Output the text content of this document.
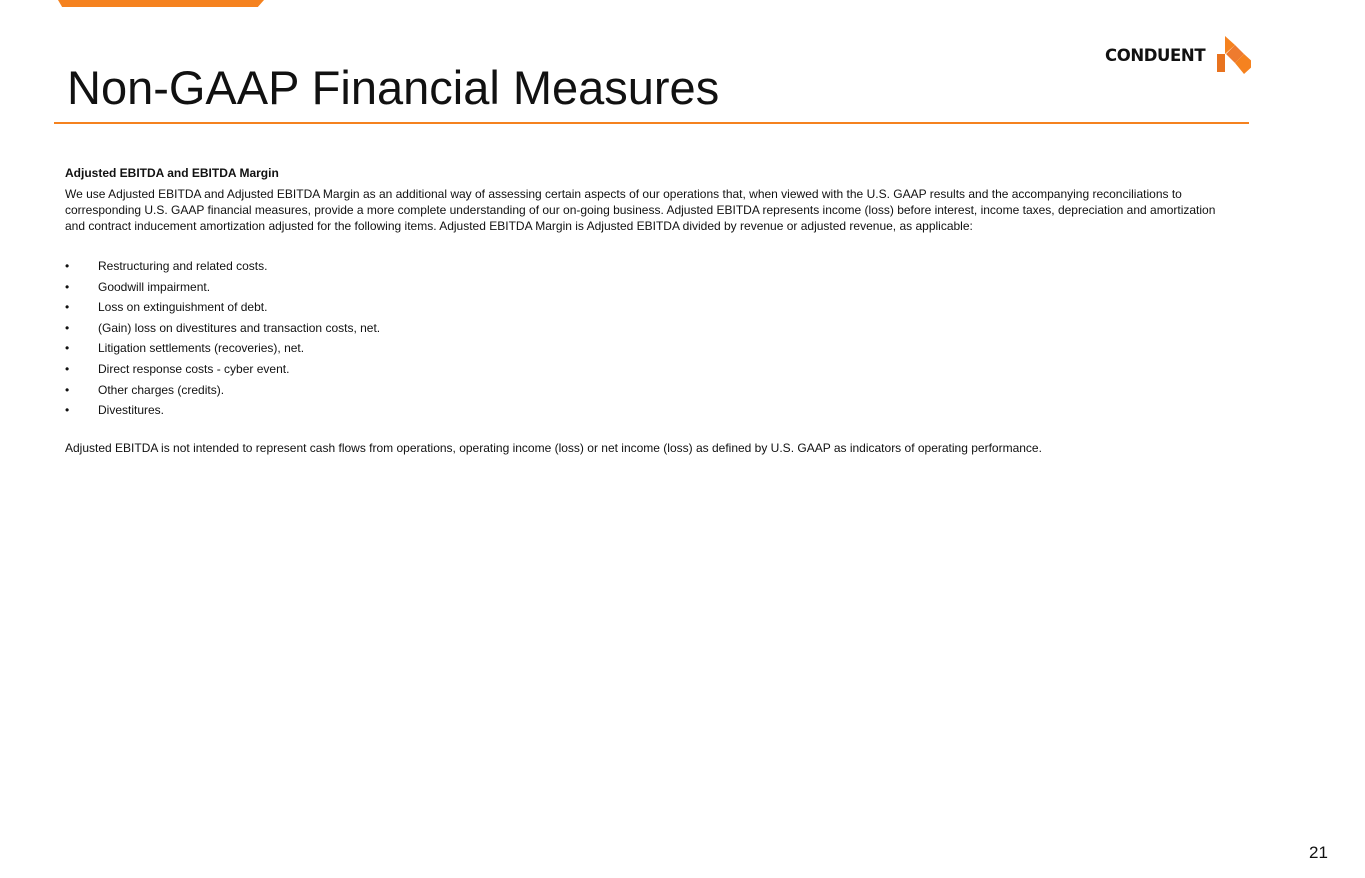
CONDUENT
Non-GAAP Financial Measures

Adjusted EBITDA and EBITDA Margin

We use Adjusted EBITDA and Adjusted EBITDA Margin as an additional way of assessing certain aspects of our operations that, when viewed with the U.S. GAAP results and the accompanying reconciliations to corresponding U.S. GAAP financial measures, provide a more complete understanding of our on-going business. Adjusted EBITDA represents income (loss) before interest, income taxes, depreciation and amortization and contract inducement amortization adjusted for the following items. Adjusted EBITDA Margin is Adjusted EBITDA divided by revenue or adjusted revenue, as applicable:

• Restructuring and related costs.
• Goodwill impairment.
• Loss on extinguishment of debt.
• (Gain) loss on divestitures and transaction costs, net.
• Litigation settlements (recoveries), net.
• Direct response costs - cyber event.
• Other charges (credits).
• Divestitures.

Adjusted EBITDA is not intended to represent cash flows from operations, operating income (loss) or net income (loss) as defined by U.S. GAAP as indicators of operating performance.

21
